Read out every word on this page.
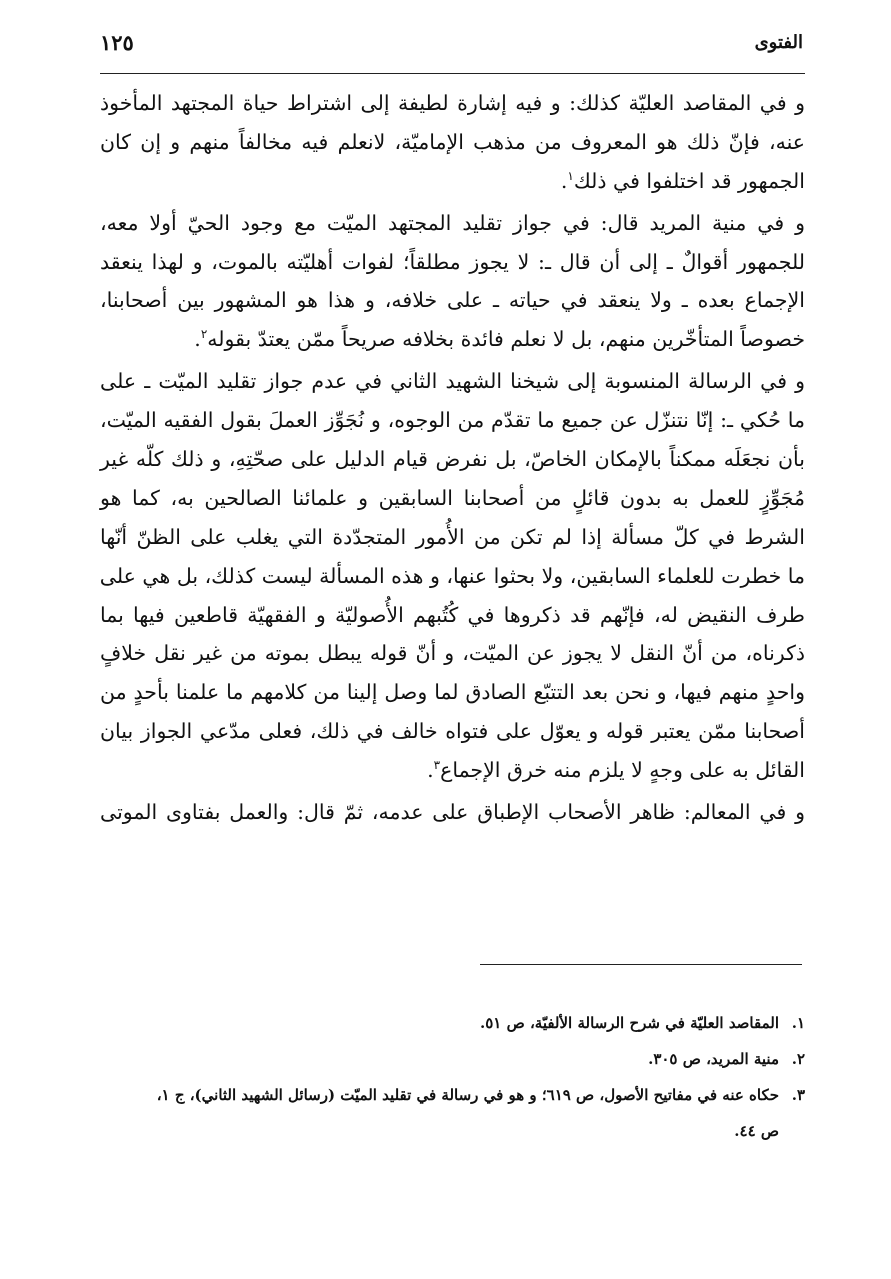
١٢٥	الفتوى
و في المقاصد العليّة كذلك: و فيه إشارة لطيفة إلى اشتراط حياة المجتهد المأخوذ
عنه، فإنّ ذلك هو المعروف من مذهب الإماميّة، لانعلم فيه مخالفاً منهم و إن كان
الجمهور قد اختلفوا في ذلك$^١$.
و في منية المريد قال: في جواز تقليد المجتهد الميّت مع وجود الحيّ أولا معه،
للجمهور أقوالٌ ـ إلى أن قال ـ: لا يجوز مطلقاً؛ لفوات أهليّته بالموت، و لهذا ينعقد
الإجماع بعده ـ ولا ينعقد في حياته ـ على خلافه، و هذا هو المشهور بين أصحابنا،
خصوصاً المتأخّرين منهم، بل لا نعلم فائدة بخلافه صريحاً ممّن يعتدّ بقوله$^٢$.
و في الرسالة المنسوبة إلى شيخنا الشهيد الثاني في عدم جواز تقليد الميّت ـ على
ما حُكي ـ: إنّا نتنزّل عن جميع ما تقدّم من الوجوه، و نُجَوِّز العملَ بقول الفقيه الميّت،
بأن نجعَلَه ممكناً بالإمكان الخاصّ، بل نفرض قيام الدليل على صحّتِهِ، و ذلك كلّه غير
مُجَوِّزٍ للعمل به بدون قائلٍ من أصحابنا السابقين و علمائنا الصالحين به، كما هو
الشرط في كلّ مسألة إذا لم تكن من الأُمور المتجدّدة التي يغلب على الظنّ أنّها
ما خطرت للعلماء السابقين، ولا بحثوا عنها، و هذه المسألة ليست كذلك، بل هي على
طرف النقيض له، فإنّهم قد ذكروها في كُتُبهم الأُصوليّة و الفقهيّة قاطعين فيها بما
ذكرناه، من أنّ النقل لا يجوز عن الميّت، و أنّ قوله يبطل بموته من غير نقل خلافٍ
واحدٍ منهم فيها، و نحن بعد التتبّع الصادق لما وصل إلينا من كلامهم ما علمنا بأحدٍ من
أصحابنا ممّن يعتبر قوله و يعوّل على فتواه خالف في ذلك، فعلى مدّعي الجواز بيان
القائل به على وجهٍ لا يلزم منه خرق الإجماع$^٣$.
و في المعالم: ظاهر الأصحاب الإطباق على عدمه، ثمّ قال: والعمل بفتاوى الموتى
١.المقاصد العليّة في شرح الرسالة الألفيّة، ص ٥١.
٢.منية المريد، ص ٣٠٥.
٣.حكاه عنه في مفاتيح الأصول، ص ٦١٩؛ و هو في رسالة في تقليد الميّت (رسائل الشهيد الثاني)، ج ١،
ص ٤٤.
